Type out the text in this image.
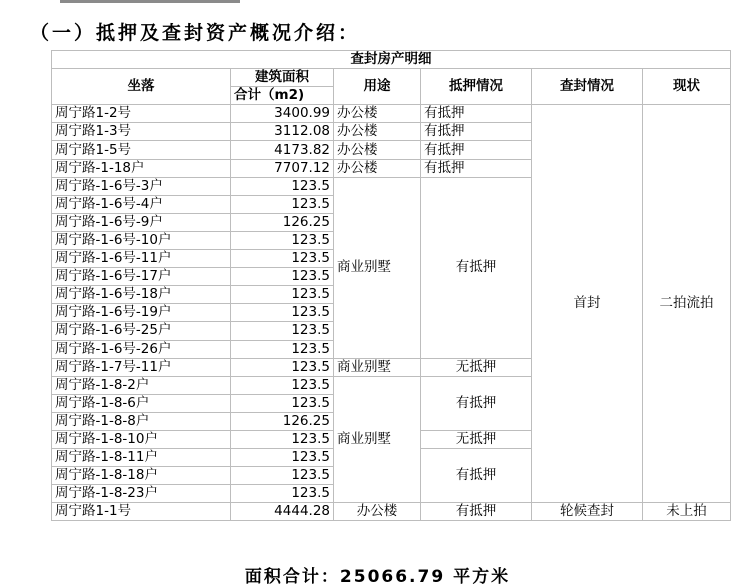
（一）抵押及查封资产概况介绍：
查封房产明细					
坐落	建筑面积	用途	抵押情况	查封情况	现状
	合计（m2)				
周宁路1-2号	3400.99	办公楼	有抵押	首封	二拍流拍
周宁路1-3号	3112.08	办公楼	有抵押		
周宁路1-5号	4173.82	办公楼	有抵押		
周宁路-1-18户	7707.12	办公楼	有抵押		
周宁路-1-6号-3户	123.5	商业别墅	有抵押		
周宁路-1-6号-4户	123.5				
周宁路-1-6号-9户	126.25				
周宁路-1-6号-10户	123.5				
周宁路-1-6号-11户	123.5				
周宁路-1-6号-17户	123.5				
周宁路-1-6号-18户	123.5				
周宁路-1-6号-19户	123.5				
周宁路-1-6号-25户	123.5				
周宁路-1-6号-26户	123.5				
周宁路-1-7号-11户	123.5	商业别墅	无抵押		
周宁路-1-8-2户	123.5	商业别墅	有抵押		
周宁路-1-8-6户	123.5				
周宁路-1-8-8户	126.25				
周宁路-1-8-10户	123.5		无抵押		
周宁路-1-8-11户	123.5		有抵押		
周宁路-1-8-18户	123.5				
周宁路-1-8-23户	123.5				
周宁路1-1号	4444.28	办公楼	有抵押	轮候查封	未上拍
面积合计：25066.79 平方米
